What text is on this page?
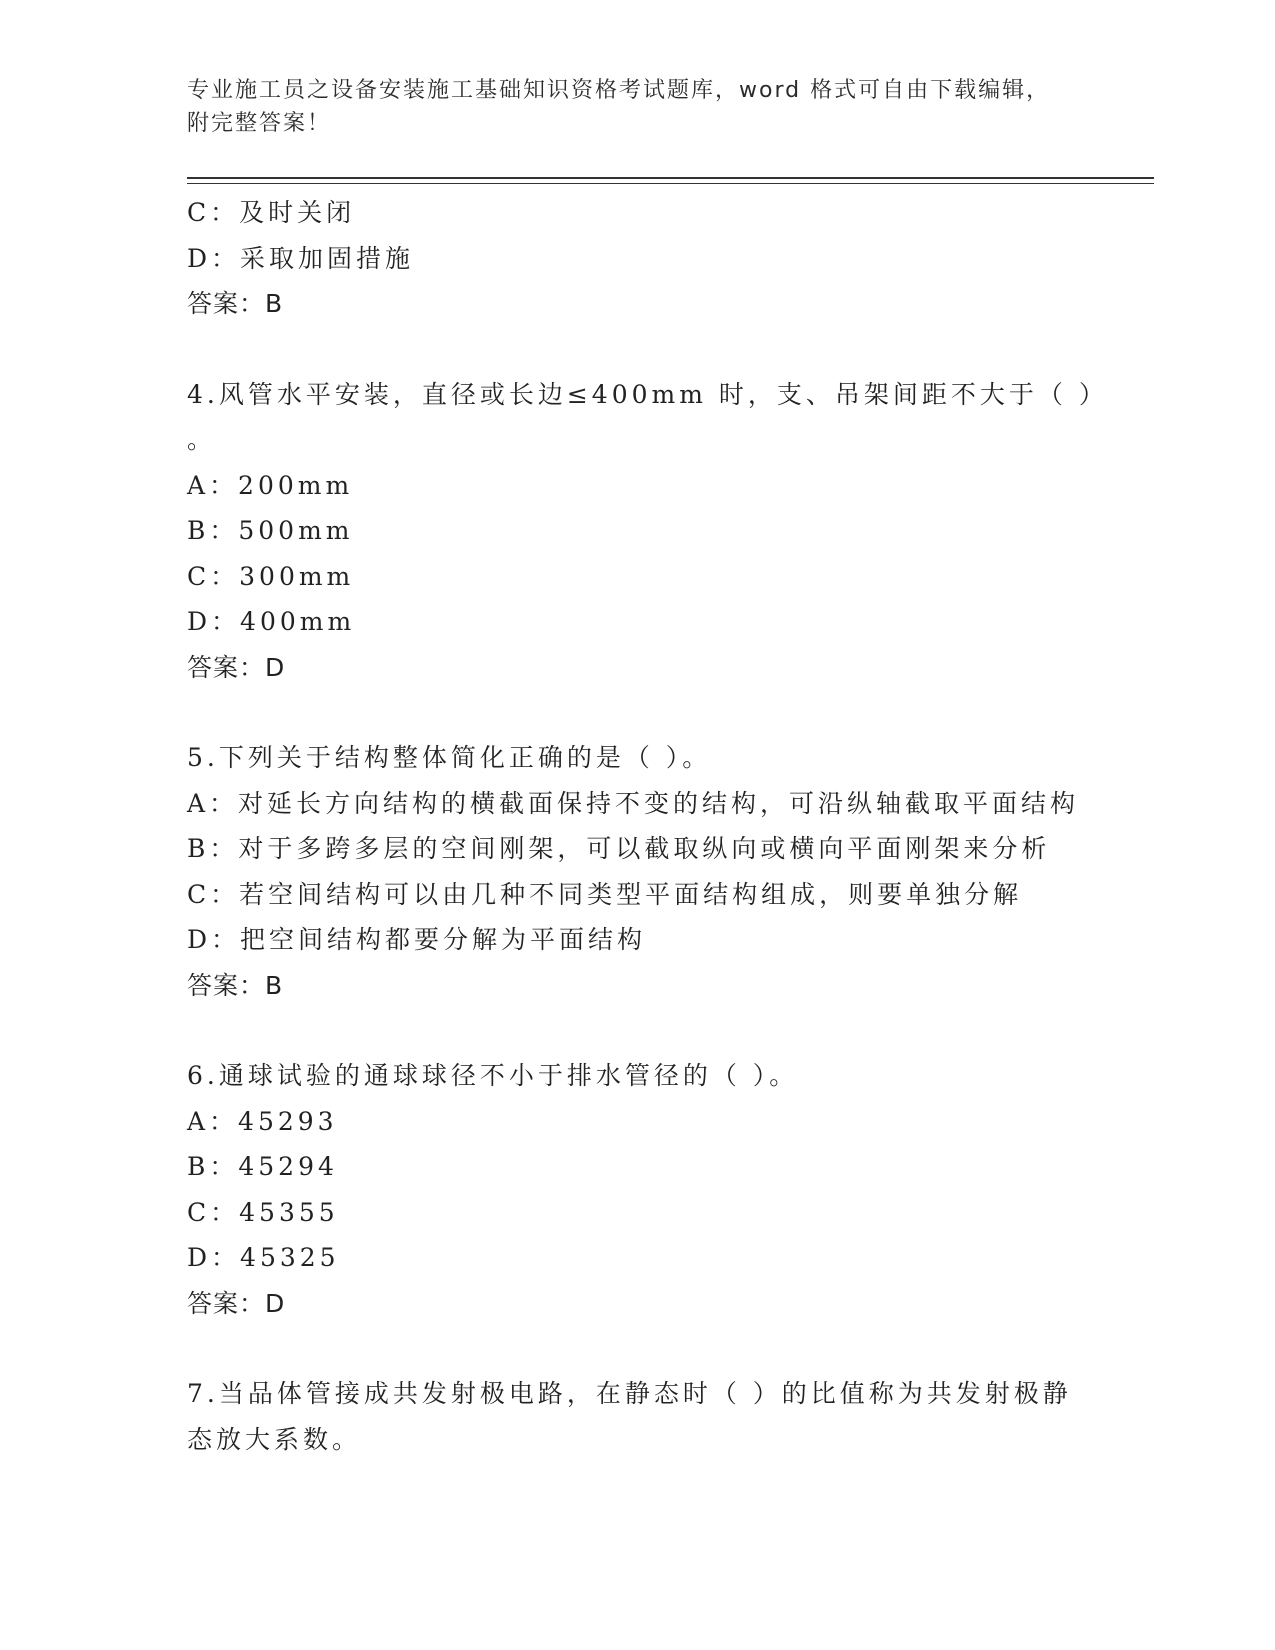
专业施工员之设备安装施工基础知识资格考试题库，word 格式可自由下载编辑，
附完整答案！
C：及时关闭
D：采取加固措施
答案：B
4.风管水平安装，直径或长边≤400mm 时，支、吊架间距不大于（ ）
。
A：200mm
B：500mm
C：300mm
D：400mm
答案：D
5.下列关于结构整体简化正确的是（ ）。
A：对延长方向结构的横截面保持不变的结构，可沿纵轴截取平面结构
B：对于多跨多层的空间刚架，可以截取纵向或横向平面刚架来分析
C：若空间结构可以由几种不同类型平面结构组成，则要单独分解
D：把空间结构都要分解为平面结构
答案：B
6.通球试验的通球球径不小于排水管径的（ ）。
A：45293
B：45294
C：45355
D：45325
答案：D
7.当品体管接成共发射极电路，在静态时（ ）的比值称为共发射极静
态放大系数。
